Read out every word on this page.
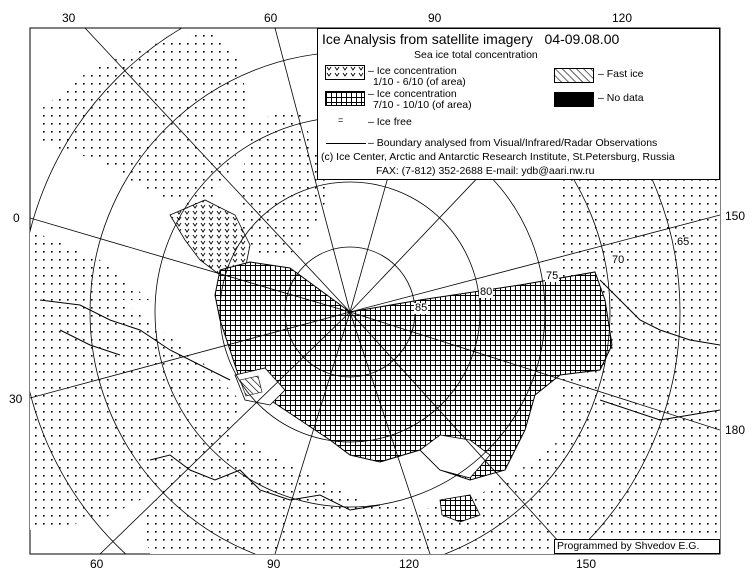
30	60	90	120
60	90	120	150
0
30
150
180
65
70
75
80
85
Ice Analysis from satellite imagery 04-09.08.00
Sea ice total concentration
– Ice concentration
1/10 - 6/10 (of area)
– Ice concentration
7/10 - 10/10 (of area)
= – Ice free
– Fast ice
– No data
– Boundary analysed from Visual/Infrared/Radar Observations
(c) Ice Center, Arctic and Antarctic Research Institute, St.Petersburg, Russia
FAX: (7-812) 352-2688 E-mail: ydb@aari.nw.ru
Programmed by Shvedov E.G.
